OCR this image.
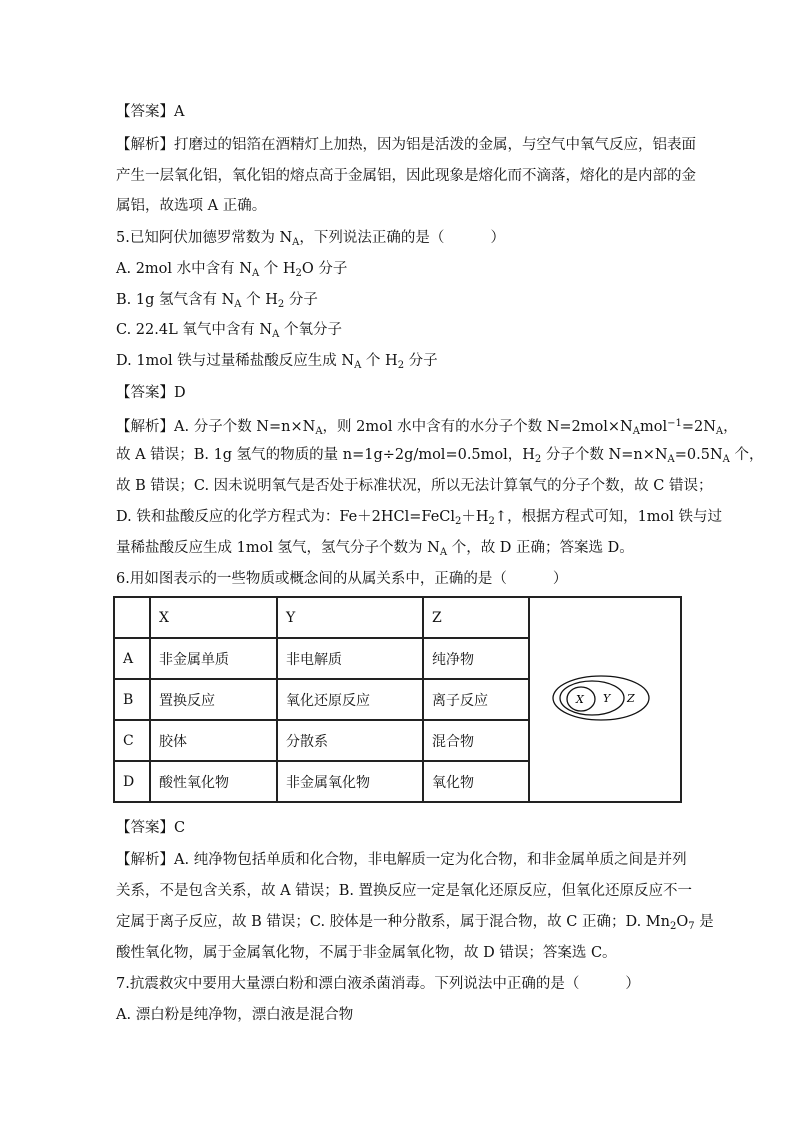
【答案】A
【解析】打磨过的铝箔在酒精灯上加热，因为铝是活泼的金属，与空气中氧气反应，铝表面
产生一层氧化铝，氧化铝的熔点高于金属铝，因此现象是熔化而不滴落，熔化的是内部的金
属铝，故选项 A 正确。
5.已知阿伏加德罗常数为 $N_A$，下列说法正确的是（          ）
A. 2mol 水中含有 $N_A$ 个 $H_2O$ 分子
B. 1g 氢气含有 $N_A$ 个 $H_2$ 分子
C. 22.4L 氧气中含有 $N_A$ 个氧分子
D. 1mol 铁与过量稀盐酸反应生成 $N_A$ 个 $H_2$ 分子
【答案】D
【解析】A. 分子个数 $N=n\times N_A$，则 2mol 水中含有的水分子个数 $N=2mol\times N_Amol^{-1}=2N_A$，
故 A 错误；B. 1g 氢气的物质的量 n=1g÷2g/mol=0.5mol，$H_2$ 分子个数 $N=n\times N_A=0.5N_A$ 个，
故 B 错误；C. 因未说明氧气是否处于标准状况，所以无法计算氧气的分子个数，故 C 错误；
D. 铁和盐酸反应的化学方程式为：$Fe+2HCl=FeCl_2+H_2↑$，根据方程式可知，1mol 铁与过
量稀盐酸反应生成 1mol 氢气，氢气分子个数为 $N_A$ 个，故 D 正确；答案选 D。
6.用如图表示的一些物质或概念间的从属关系中，正确的是（          ）
【答案】C
【解析】A. 纯净物包括单质和化合物，非电解质一定为化合物，和非金属单质之间是并列
关系，不是包含关系，故 A 错误；B. 置换反应一定是氧化还原反应，但氧化还原反应不一
定属于离子反应，故 B 错误；C. 胶体是一种分散系，属于混合物，故 C 正确；D. $Mn_2O_7$ 是
酸性氧化物，属于金属氧化物，不属于非金属氧化物，故 D 错误；答案选 C。
7.抗震救灾中要用大量漂白粉和漂白液杀菌消毒。下列说法中正确的是（          ）
A. 漂白粉是纯净物，漂白液是混合物
	X	Y	Z	X Y Z

A	非金属单质	非电解质	纯净物	
B	置换反应	氧化还原反应	离子反应	
C	胶体	分散系	混合物	
D	酸性氧化物	非金属氧化物	氧化物	
